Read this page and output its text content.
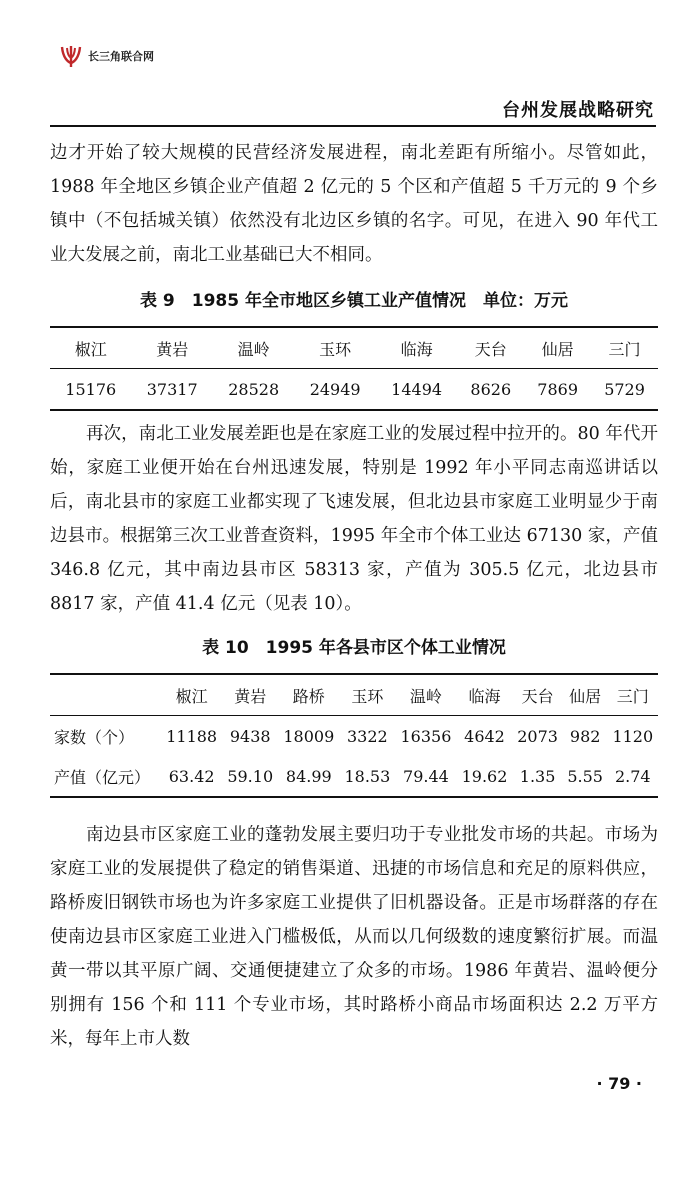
长三角联合网
台州发展战略研究

边才开始了较大规模的民营经济发展进程，南北差距有所缩小。尽管如此，1988 年全地区乡镇企业产值超 2 亿元的 5 个区和产值超 5 千万元的 9 个乡镇中（不包括城关镇）依然没有北边区乡镇的名字。可见，在进入 90 年代工业大发展之前，南北工业基础已大不相同。

表 9　1985 年全市地区乡镇工业产值情况　单位：万元
椒江	黄岩	温岭	玉环	临海	天台	仙居	三门
15176	37317	28528	24949	14494	8626	7869	5729

再次，南北工业发展差距也是在家庭工业的发展过程中拉开的。80 年代开始，家庭工业便开始在台州迅速发展，特别是 1992 年小平同志南巡讲话以后，南北县市的家庭工业都实现了飞速发展，但北边县市家庭工业明显少于南边县市。根据第三次工业普查资料，1995 年全市个体工业达 67130 家，产值 346.8 亿元，其中南边县市区 58313 家，产值为 305.5 亿元，北边县市 8817 家，产值 41.4 亿元（见表 10）。

表 10　1995 年各县市区个体工业情况
	椒江	黄岩	路桥	玉环	温岭	临海	天台	仙居	三门
家数（个）	11188	9438	18009	3322	16356	4642	2073	982	1120
产值（亿元）	63.42	59.10	84.99	18.53	79.44	19.62	1.35	5.55	2.74

南边县市区家庭工业的蓬勃发展主要归功于专业批发市场的共起。市场为家庭工业的发展提供了稳定的销售渠道、迅捷的市场信息和充足的原料供应，路桥废旧钢铁市场也为许多家庭工业提供了旧机器设备。正是市场群落的存在使南边县市区家庭工业进入门槛极低，从而以几何级数的速度繁衍扩展。而温黄一带以其平原广阔、交通便捷建立了众多的市场。1986 年黄岩、温岭便分别拥有 156 个和 111 个专业市场，其时路桥小商品市场面积达 2.2 万平方米，每年上市人数

· 79 ·
